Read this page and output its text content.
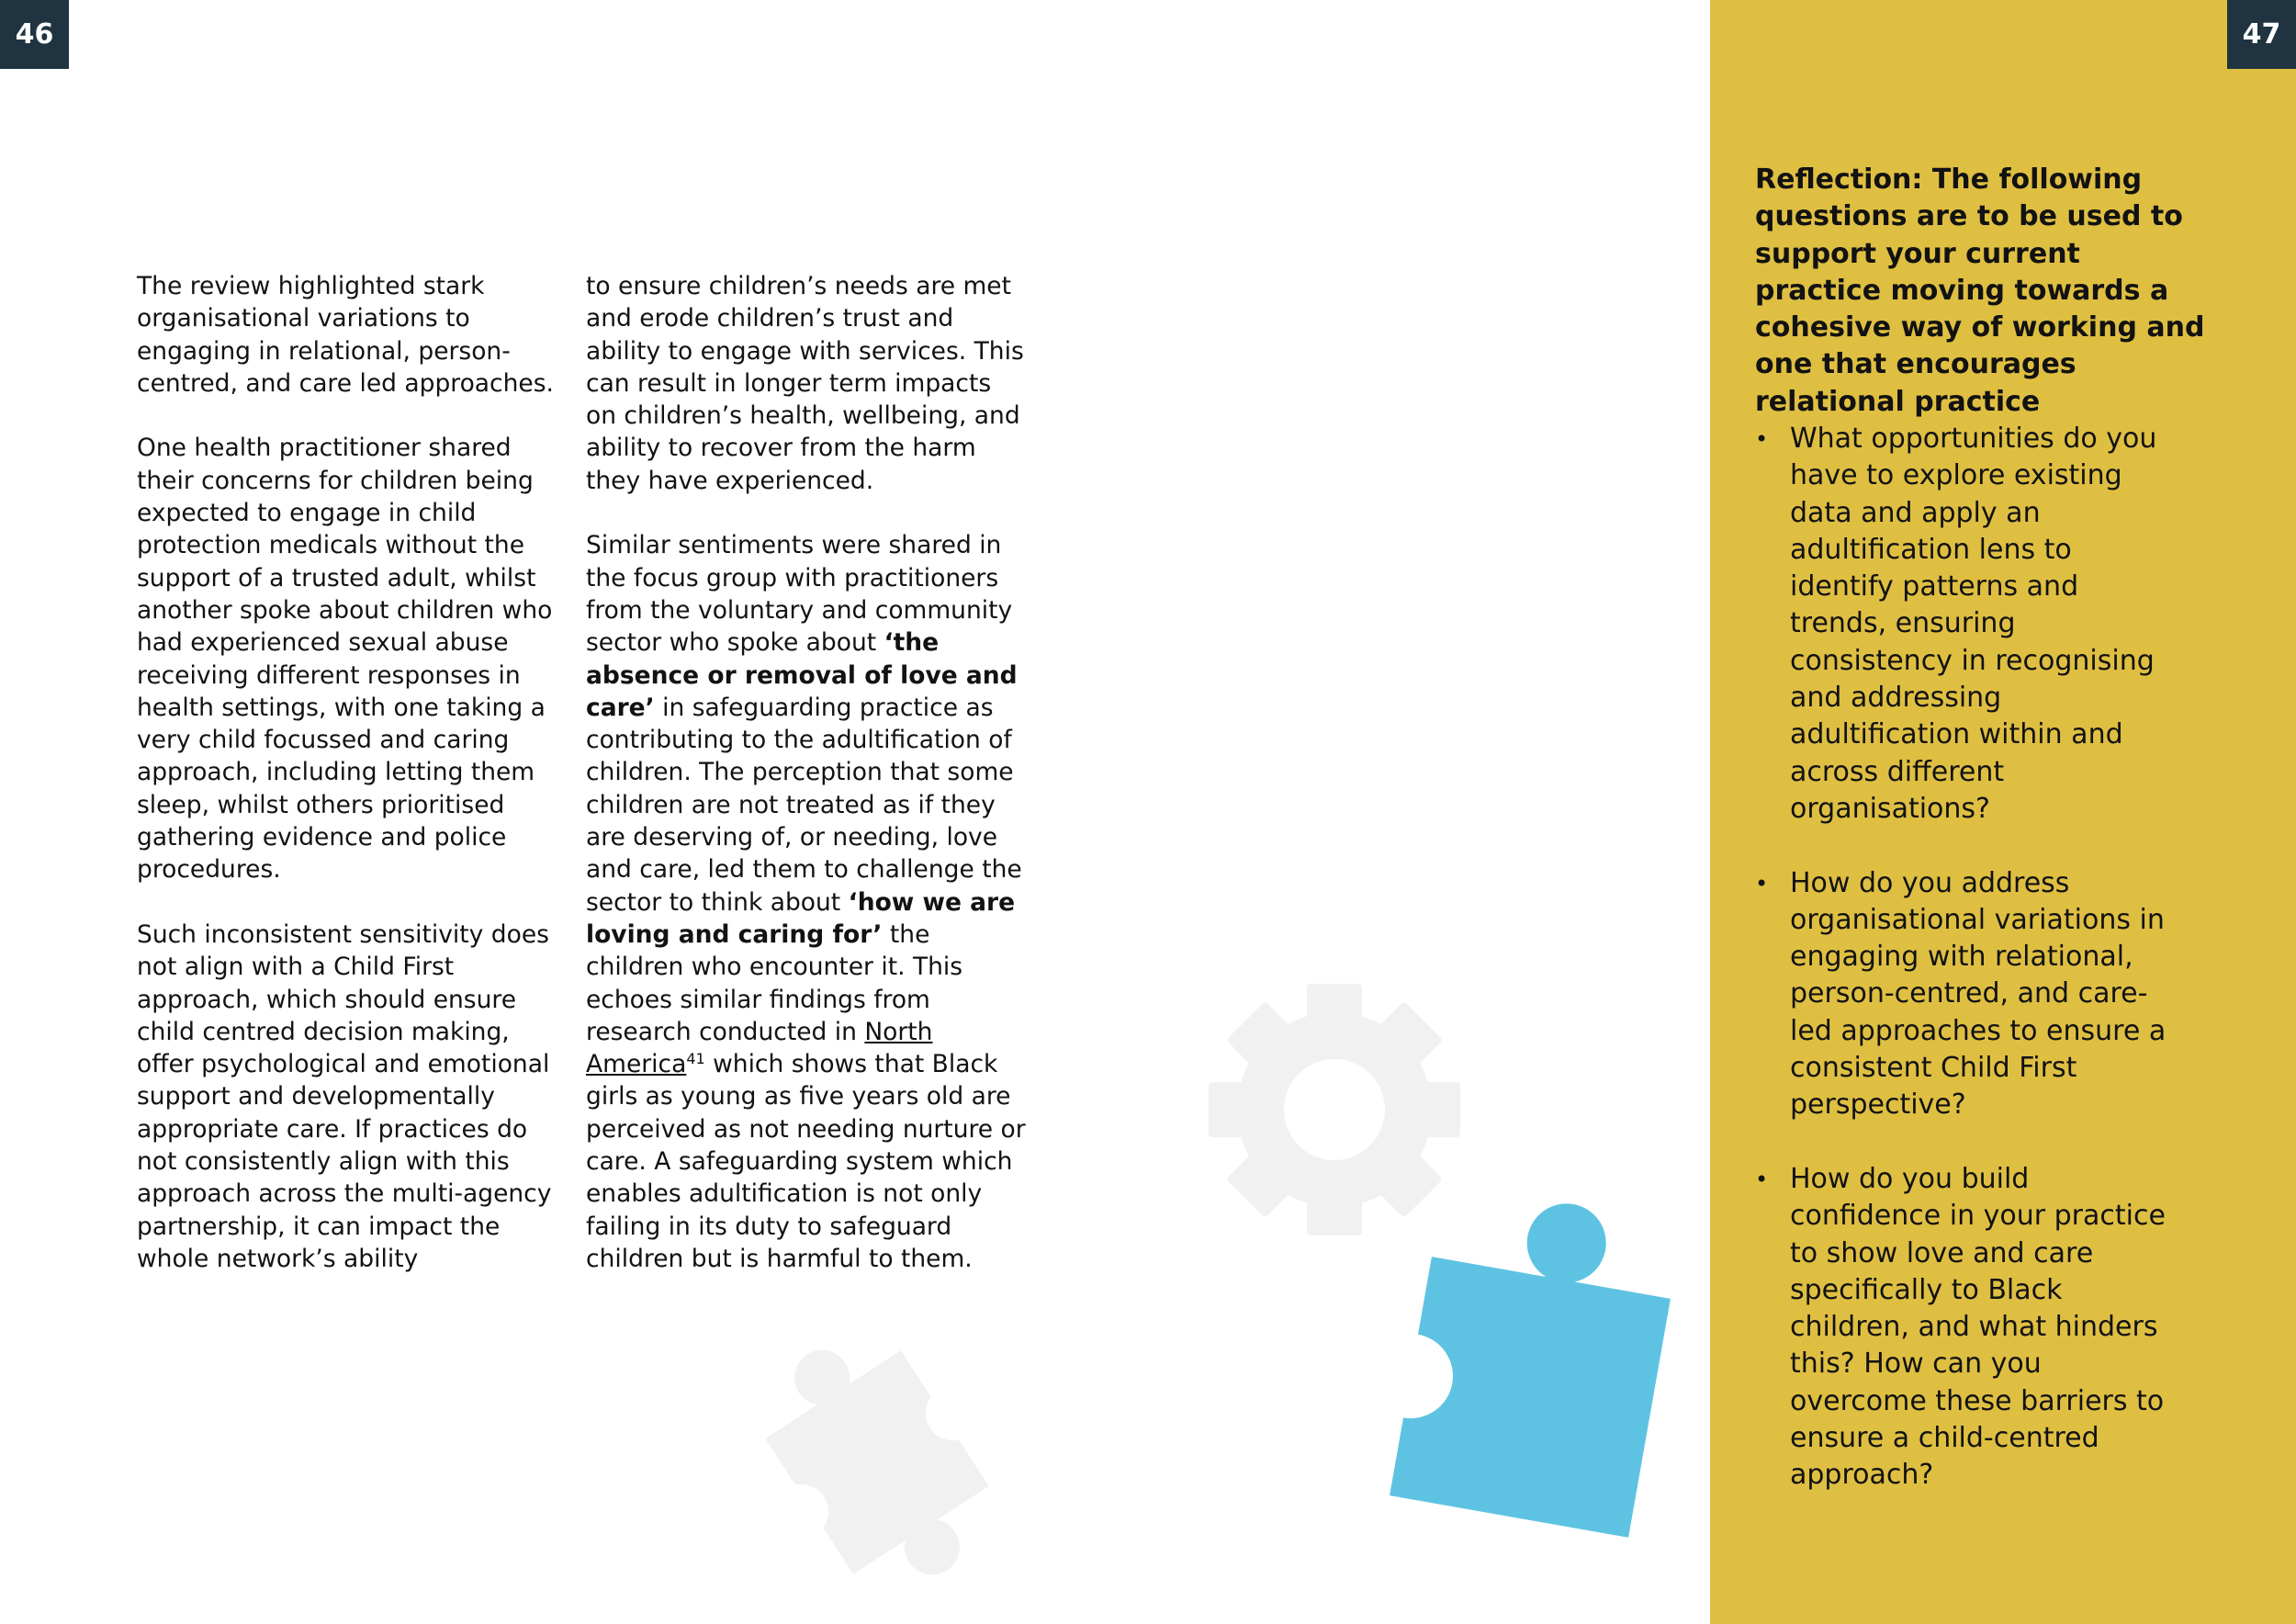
46

The review highlighted stark organisational variations to engaging in relational, person-centred, and care led approaches.

One health practitioner shared their concerns for children being expected to engage in child protection medicals without the support of a trusted adult, whilst another spoke about children who had experienced sexual abuse receiving different responses in health settings, with one taking a very child focussed and caring approach, including letting them sleep, whilst others prioritised gathering evidence and police procedures.

Such inconsistent sensitivity does not align with a Child First approach, which should ensure child centred decision making, offer psychological and emotional support and developmentally appropriate care. If practices do not consistently align with this approach across the multi-agency partnership, it can impact the whole network’s ability

to ensure children’s needs are met and erode children’s trust and ability to engage with services. This can result in longer term impacts on children’s health, wellbeing, and ability to recover from the harm they have experienced.

Similar sentiments were shared in the focus group with practitioners from the voluntary and community sector who spoke about ‘the absence or removal of love and care’ in safeguarding practice as contributing to the adultification of children. The perception that some children are not treated as if they are deserving of, or needing, love and care, led them to challenge the sector to think about ‘how we are loving and caring for’ the children who encounter it. This echoes similar findings from research conducted in North America$^{41}$ which shows that Black girls as young as five years old are perceived as not needing nurture or care. A safeguarding system which enables adultification is not only failing in its duty to safeguard children but is harmful to them.

47

Reflection: The following questions are to be used to support your current practice moving towards a cohesive way of working and one that encourages relational practice

• What opportunities do you have to explore existing data and apply an adultification lens to identify patterns and trends, ensuring consistency in recognising and addressing adultification within and across different organisations?
• How do you address organisational variations in engaging with relational, person-centred, and care-led approaches to ensure a consistent Child First perspective?
• How do you build confidence in your practice to show love and care specifically to Black children, and what hinders this? How can you overcome these barriers to ensure a child-centred approach?
